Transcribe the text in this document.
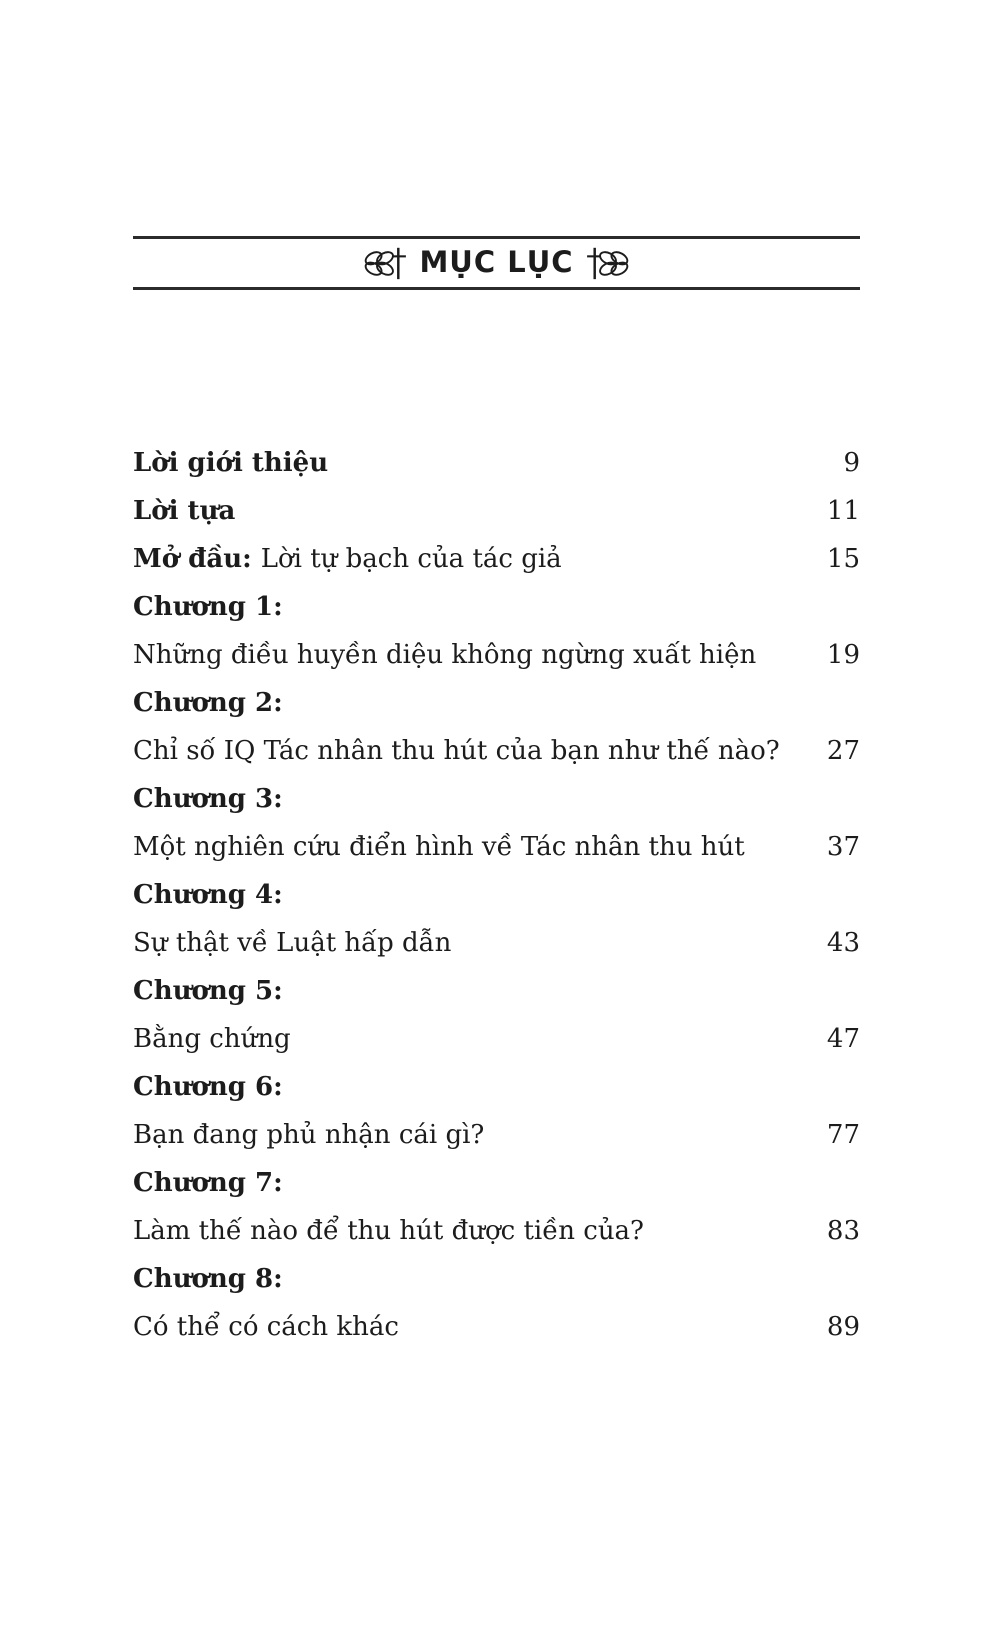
MỤC LỤC
Lời giới thiệu	9
Lời tựa	11
Mở đầu: Lời tự bạch của tác giả	15
Chương 1:
Những điều huyền diệu không ngừng xuất hiện	19
Chương 2:
Chỉ số IQ Tác nhân thu hút của bạn như thế nào?	27
Chương 3:
Một nghiên cứu điển hình về Tác nhân thu hút	37
Chương 4:
Sự thật về Luật hấp dẫn	43
Chương 5:
Bằng chứng	47
Chương 6:
Bạn đang phủ nhận cái gì?	77
Chương 7:
Làm thế nào để thu hút được tiền của?	83
Chương 8:
Có thể có cách khác	89
